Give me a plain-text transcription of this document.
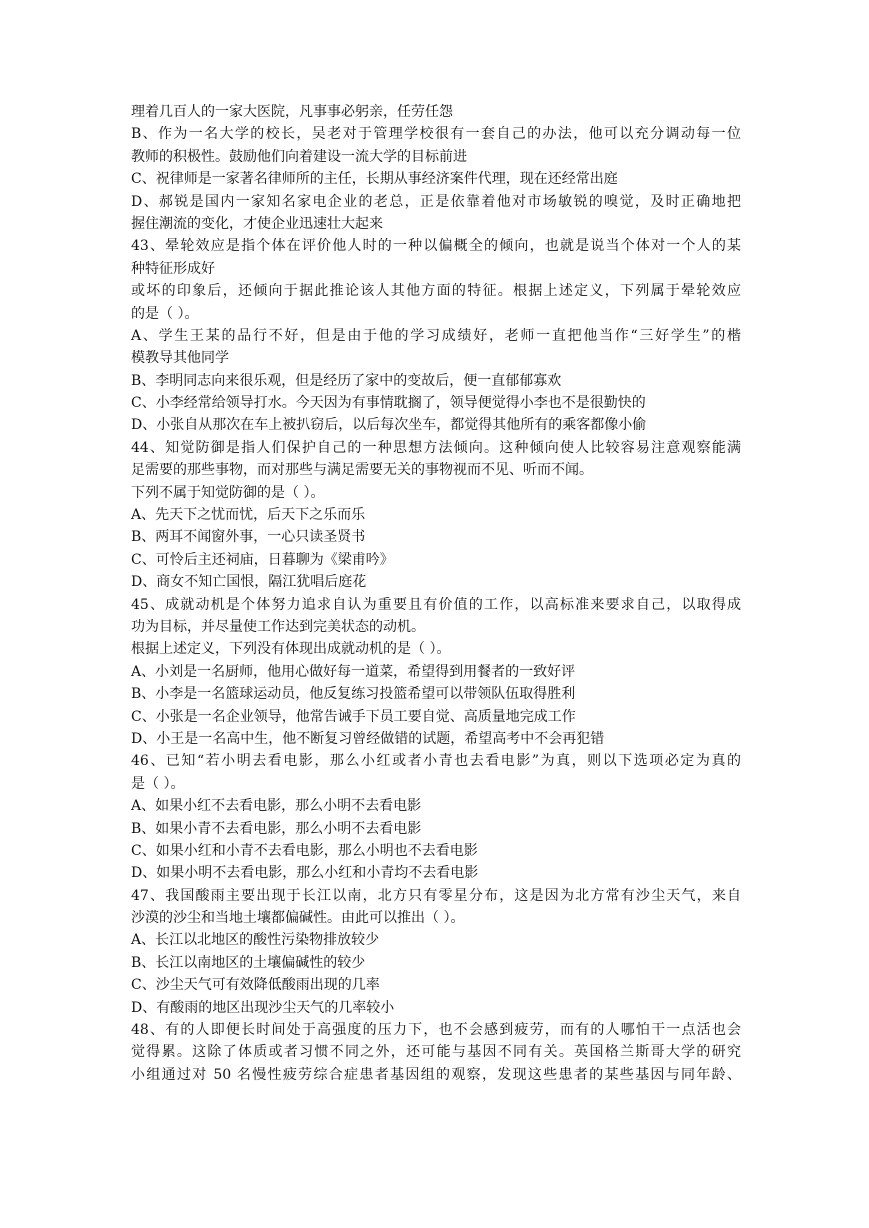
理着几百人的一家大医院，凡事事必躬亲，任劳任怨
B、作为一名大学的校长，吴老对于管理学校很有一套自己的办法，他可以充分调动每一位
教师的积极性。鼓励他们向着建设一流大学的目标前进
C、祝律师是一家著名律师所的主任，长期从事经济案件代理，现在还经常出庭
D、郝锐是国内一家知名家电企业的老总，正是依靠着他对市场敏锐的嗅觉，及时正确地把
握住潮流的变化，才使企业迅速壮大起来
43、晕轮效应是指个体在评价他人时的一种以偏概全的倾向，也就是说当个体对一个人的某
种特征形成好
或坏的印象后，还倾向于据此推论该人其他方面的特征。根据上述定义，下列属于晕轮效应
的是（ ）。
A、学生王某的品行不好，但是由于他的学习成绩好，老师一直把他当作“三好学生”的楷
模教导其他同学
B、李明同志向来很乐观，但是经历了家中的变故后，便一直郁郁寡欢
C、小李经常给领导打水。今天因为有事情耽搁了，领导便觉得小李也不是很勤快的
D、小张自从那次在车上被扒窃后，以后每次坐车，都觉得其他所有的乘客都像小偷
44、知觉防御是指人们保护自己的一种思想方法倾向。这种倾向使人比较容易注意观察能满
足需要的那些事物，而对那些与满足需要无关的事物视而不见、听而不闻。
下列不属于知觉防御的是（ ）。
A、先天下之忧而忧，后天下之乐而乐
B、两耳不闻窗外事，一心只读圣贤书
C、可怜后主还祠庙，日暮聊为《梁甫吟》
D、商女不知亡国恨，隔江犹唱后庭花
45、成就动机是个体努力追求自认为重要且有价值的工作，以高标准来要求自己，以取得成
功为目标，并尽量使工作达到完美状态的动机。
根据上述定义，下列没有体现出成就动机的是（ ）。
A、小刘是一名厨师，他用心做好每一道菜，希望得到用餐者的一致好评
B、小李是一名篮球运动员，他反复练习投篮希望可以带领队伍取得胜利
C、小张是一名企业领导，他常告诫手下员工要自觉、高质量地完成工作
D、小王是一名高中生，他不断复习曾经做错的试题，希望高考中不会再犯错
46、已知“若小明去看电影，那么小红或者小青也去看电影”为真，则以下选项必定为真的
是（ ）。
A、如果小红不去看电影，那么小明不去看电影
B、如果小青不去看电影，那么小明不去看电影
C、如果小红和小青不去看电影，那么小明也不去看电影
D、如果小明不去看电影，那么小红和小青均不去看电影
47、我国酸雨主要出现于长江以南，北方只有零星分布，这是因为北方常有沙尘天气，来自
沙漠的沙尘和当地土壤都偏碱性。由此可以推出（ ）。
A、长江以北地区的酸性污染物排放较少
B、长江以南地区的土壤偏碱性的较少
C、沙尘天气可有效降低酸雨出现的几率
D、有酸雨的地区出现沙尘天气的几率较小
48、有的人即便长时间处于高强度的压力下，也不会感到疲劳，而有的人哪怕干一点活也会
觉得累。这除了体质或者习惯不同之外，还可能与基因不同有关。英国格兰斯哥大学的研究
小组通过对 50 名慢性疲劳综合症患者基因组的观察，发现这些患者的某些基因与同年龄、
